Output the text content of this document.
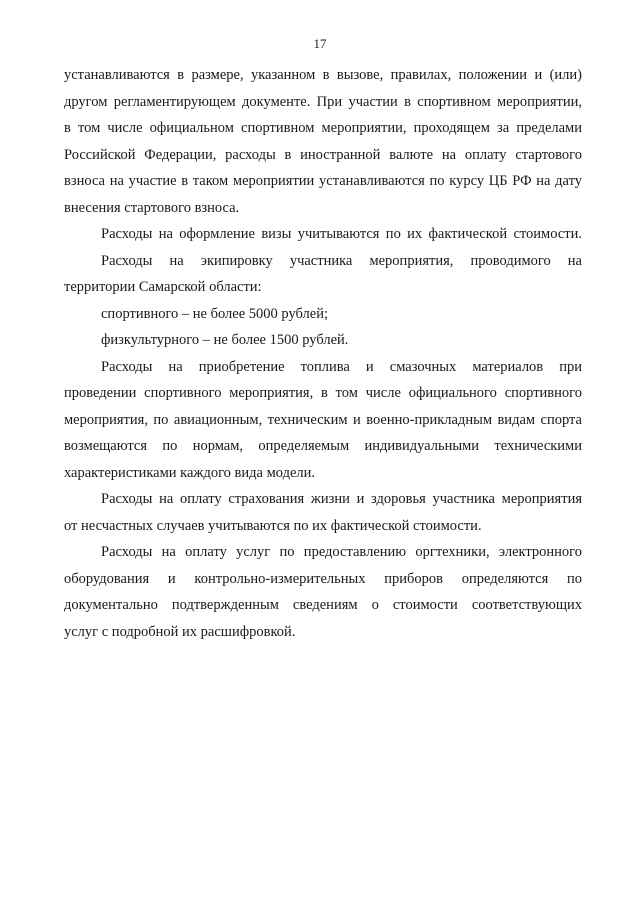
17
устанавливаются в размере, указанном в вызове, правилах, положении и (или)
другом регламентирующем документе. При участии в спортивном мероприятии,
в том числе официальном спортивном мероприятии, проходящем за пределами
Российской Федерации, расходы в иностранной валюте на оплату стартового
взноса на участие в таком мероприятии устанавливаются по курсу ЦБ РФ на дату
внесения стартового взноса.
Расходы на оформление визы учитываются по их фактической стоимости.
Расходы на экипировку участника мероприятия, проводимого на
территории Самарской области:
спортивного – не более 5000 рублей;
физкультурного – не более 1500 рублей.
Расходы на приобретение топлива и смазочных материалов при
проведении спортивного мероприятия, в том числе официального спортивного
мероприятия, по авиационным, техническим и военно-прикладным видам спорта
возмещаются по нормам, определяемым индивидуальными техническими
характеристиками каждого вида модели.
Расходы на оплату страхования жизни и здоровья участника мероприятия
от несчастных случаев учитываются по их фактической стоимости.
Расходы на оплату услуг по предоставлению оргтехники, электронного
оборудования и контрольно-измерительных приборов определяются по
документально подтвержденным сведениям о стоимости соответствующих
услуг с подробной их расшифровкой.
